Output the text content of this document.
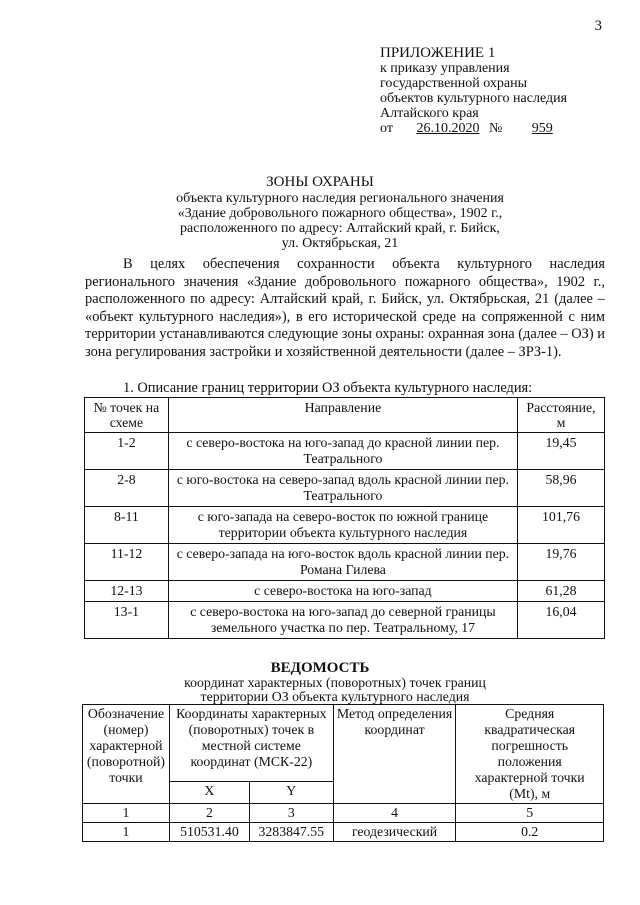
3
ПРИЛОЖЕНИЕ 1
к приказу управления
государственной охраны
объектов культурного наследия
Алтайского края
от 26.10.2020 № 959
ЗОНЫ ОХРАНЫ
объекта культурного наследия регионального значения
«Здание добровольного пожарного общества», 1902 г.,
расположенного по адресу: Алтайский край, г. Бийск,
ул. Октябрьская, 21

В целях обеспечения сохранности объекта культурного наследия регионального значения «Здание добровольного пожарного общества», 1902 г., расположенного по адресу: Алтайский край, г. Бийск, ул. Октябрьская, 21 (далее – «объект культурного наследия»), в его исторической среде на сопряженной с ним территории устанавливаются следующие зоны охраны: охранная зона (далее – ОЗ) и зона регулирования застройки и хозяйственной деятельности (далее – ЗРЗ-1).

1. Описание границ территории ОЗ объекта культурного наследия:
№ точек на схеме	Направление	Расстояние, м
1-2	с северо-востока на юго-запад до красной линии пер. Театрального	19,45
2-8	с юго-востока на северо-запад вдоль красной линии пер. Театрального	58,96
8-11	с юго-запада на северо-восток по южной границе территории объекта культурного наследия	101,76
11-12	с северо-запада на юго-восток вдоль красной линии пер. Романа Гилева	19,76
12-13	с северо-востока на юго-запад	61,28
13-1	с северо-востока на юго-запад до северной границы земельного участка по пер. Театральному, 17	16,04
ВЕДОМОСТЬ
координат характерных (поворотных) точек границ
территории ОЗ объекта культурного наследия
Обозначение (номер) характерной (поворотной) точки	Координаты характерных (поворотных) точек в местной системе координат (МСК-22)		Метод определения координат	Средняя квадратическая погрешность положения характерной точки (Mt), м
	X	Y		
1	2	3	4	5
1	510531.40	3283847.55	геодезический	0.2
